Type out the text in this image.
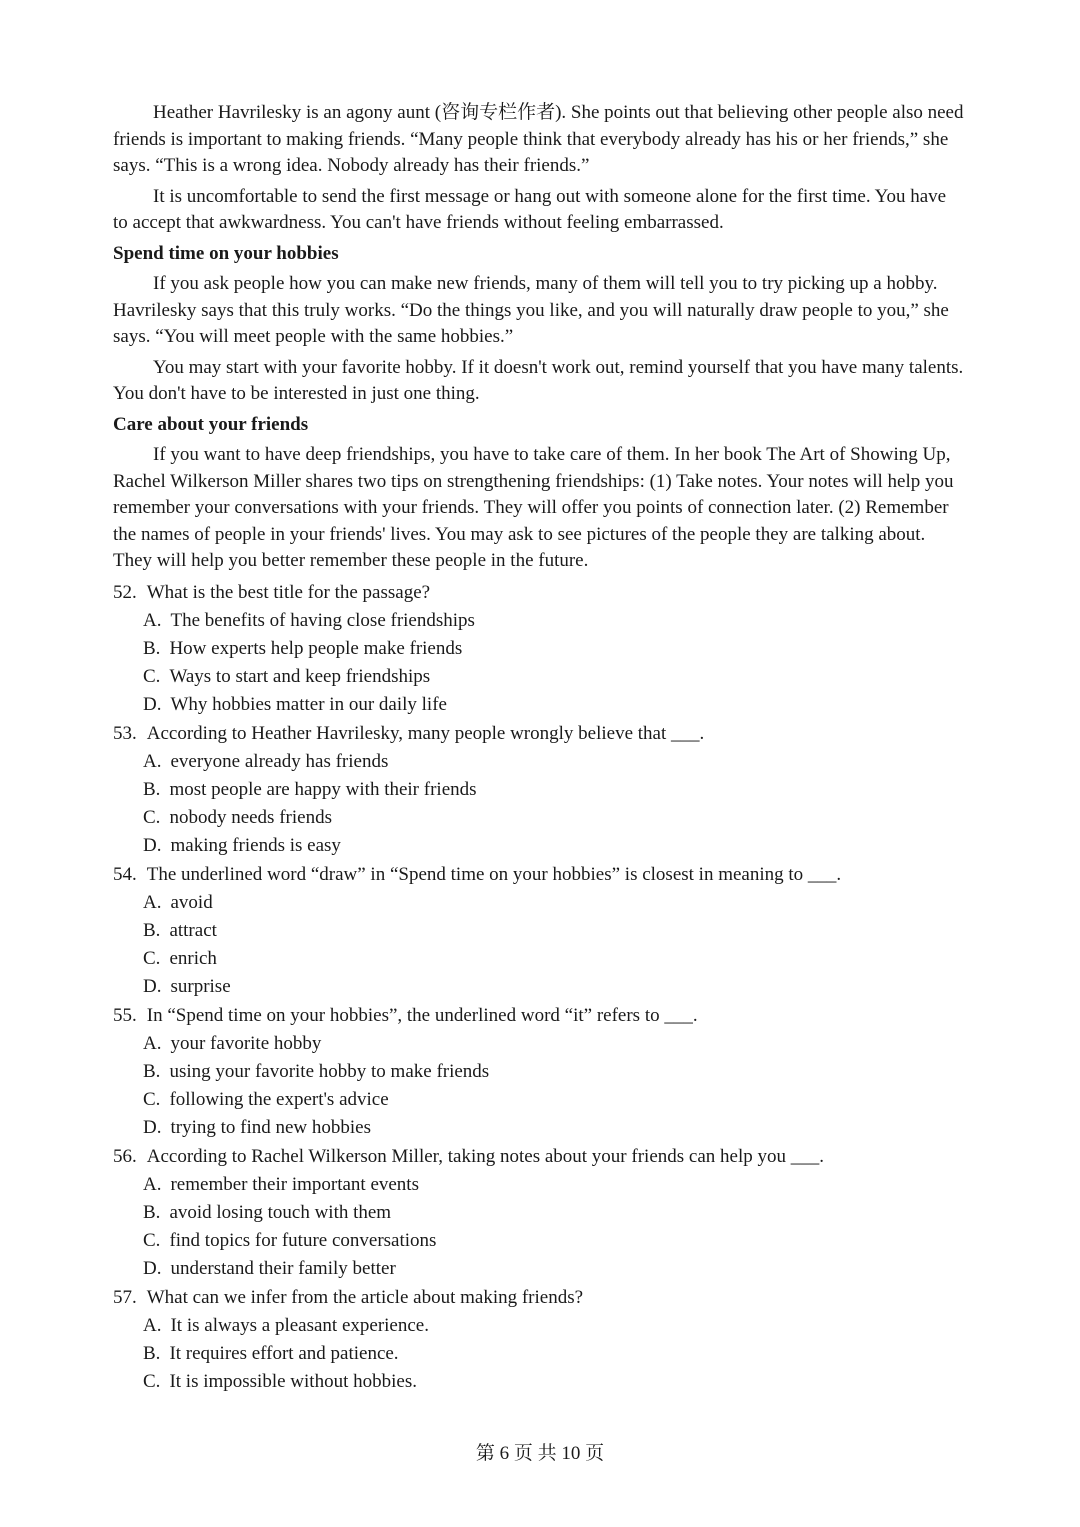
Heather Havrilesky is an agony aunt (咨询专栏作者). She points out that believing other people also need friends is important to making friends. “Many people think that everybody already has his or her friends,” she says. “This is a wrong idea. Nobody already has their friends.”

It is uncomfortable to send the first message or hang out with someone alone for the first time. You have to accept that awkwardness. You can't have friends without feeling embarrassed.

Spend time on your hobbies

If you ask people how you can make new friends, many of them will tell you to try picking up a hobby. Havrilesky says that this truly works. “Do the things you like, and you will naturally draw people to you,” she says. “You will meet people with the same hobbies.”

You may start with your favorite hobby. If it doesn't work out, remind yourself that you have many talents. You don't have to be interested in just one thing.

Care about your friends

If you want to have deep friendships, you have to take care of them. In her book The Art of Showing Up, Rachel Wilkerson Miller shares two tips on strengthening friendships: (1) Take notes. Your notes will help you remember your conversations with your friends. They will offer you points of connection later. (2) Remember the names of people in your friends' lives. You may ask to see pictures of the people they are talking about. They will help you better remember these people in the future.

52. What is the best title for the passage?
A. The benefits of having close friendships
B. How experts help people make friends
C. Ways to start and keep friendships
D. Why hobbies matter in our daily life
53. According to Heather Havrilesky, many people wrongly believe that ___.
A. everyone already has friends
B. most people are happy with their friends
C. nobody needs friends
D. making friends is easy
54. The underlined word “draw” in “Spend time on your hobbies” is closest in meaning to ___.
A. avoid
B. attract
C. enrich
D. surprise
55. In “Spend time on your hobbies”, the underlined word “it” refers to ___.
A. your favorite hobby
B. using your favorite hobby to make friends
C. following the expert's advice
D. trying to find new hobbies
56. According to Rachel Wilkerson Miller, taking notes about your friends can help you ___.
A. remember their important events
B. avoid losing touch with them
C. find topics for future conversations
D. understand their family better
57. What can we infer from the article about making friends?
A. It is always a pleasant experience.
B. It requires effort and patience.
C. It is impossible without hobbies.
第 6 页 共 10 页
